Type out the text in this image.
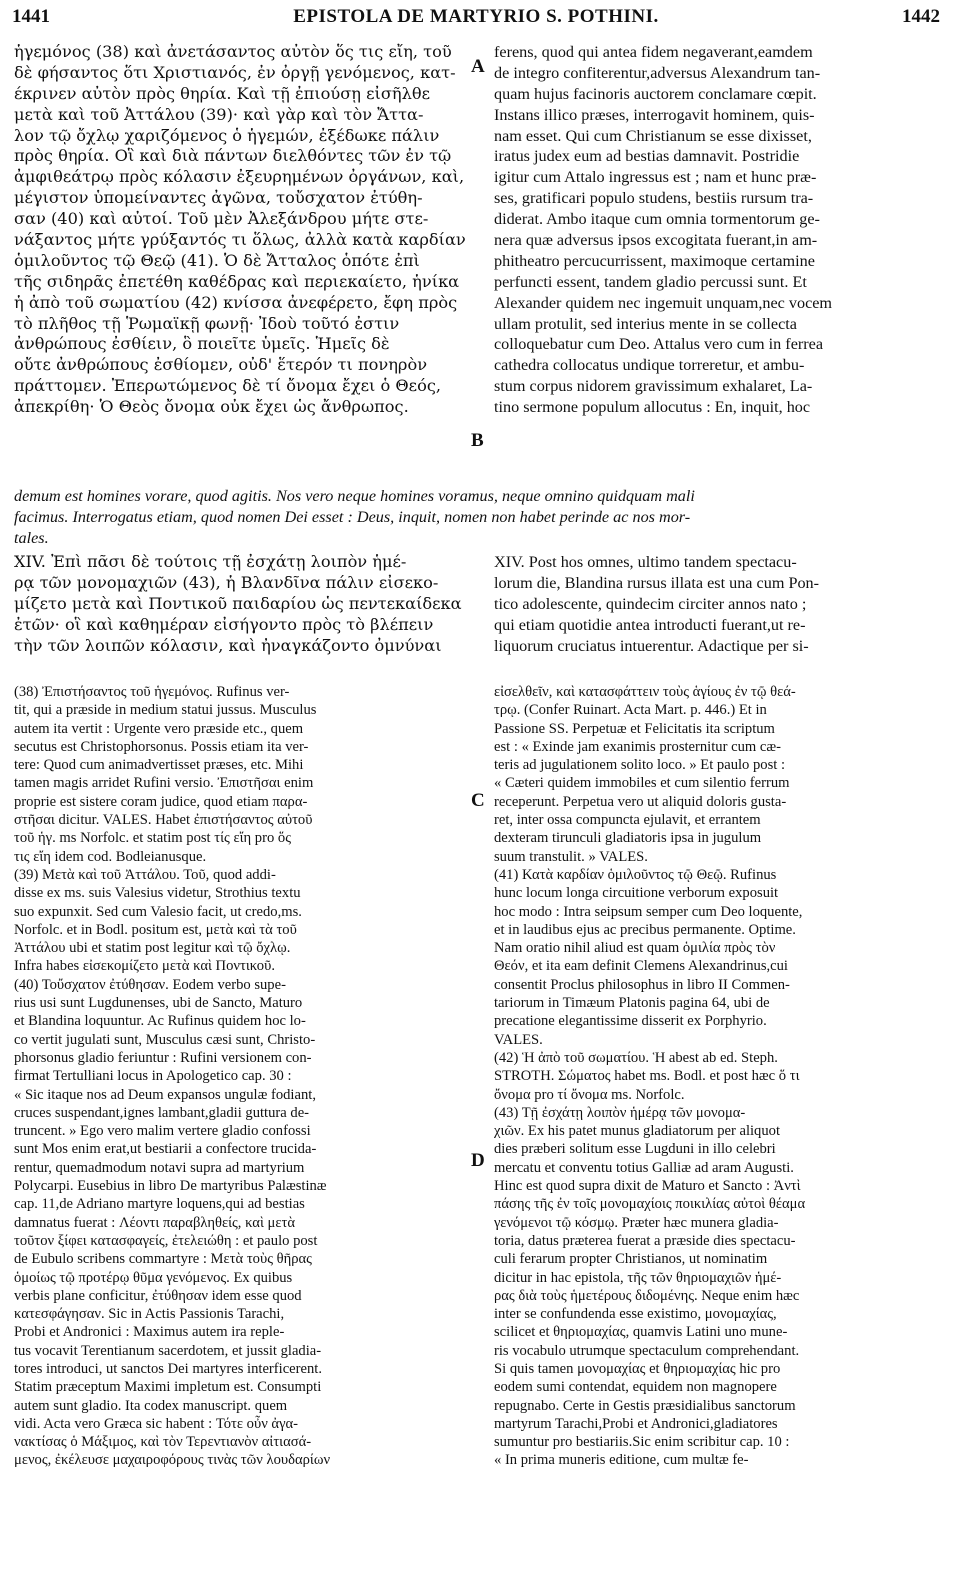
1441	EPISTOLA DE MARTYRIO S. POTHINI.	1442
ἡγεμόνος (38) καὶ ἀνετάσαντος αὐτὸν ὅς τις εἴη, τοῦ
δὲ φήσαντος ὅτι Χριστιανός, ἐν ὀργῇ γενόμενος, κατ-
έκρινεν αὐτὸν πρὸς θηρία. Καὶ τῇ ἐπιούσῃ εἰσῆλθε
μετὰ καὶ τοῦ Ἀττάλου (39)· καὶ γὰρ καὶ τὸν Ἄττα-
λον τῷ ὄχλῳ χαριζόμενος ὁ ἡγεμών, ἐξέδωκε πάλιν
πρὸς θηρία. Οἳ καὶ διὰ πάντων διελθόντες τῶν ἐν τῷ
ἀμφιθεάτρῳ πρὸς κόλασιν ἐξευρημένων ὀργάνων, καὶ,
μέγιστον ὑπομείναντες ἀγῶνα, τοὔσχατον ἐτύθη-
σαν (40) καὶ αὐτοί. Τοῦ μὲν Ἀλεξάνδρου μήτε στε-
νάξαντος μήτε γρύξαντός τι ὅλως, ἀλλὰ κατὰ καρδίαν
ὁμιλοῦντος τῷ Θεῷ (41). Ὁ δὲ Ἄτταλος ὁπότε ἐπὶ
τῆς σιδηρᾶς ἐπετέθη καθέδρας καὶ περιεκαίετο, ἡνίκα
ἡ ἀπὸ τοῦ σωματίου (42) κνίσσα ἀνεφέρετο, ἔφη πρὸς
τὸ πλῆθος τῇ Ῥωμαϊκῇ φωνῇ· Ἰδοὺ τοῦτό ἐστιν
ἀνθρώπους ἐσθίειν, ὃ ποιεῖτε ὑμεῖς. Ἡμεῖς δὲ
οὔτε ἀνθρώπους ἐσθίομεν, οὐδ' ἕτερόν τι πονηρὸν
πράττομεν. Ἐπερωτώμενος δὲ τί ὄνομα ἔχει ὁ Θεός,
ἀπεκρίθη· Ὁ Θεὸς ὄνομα οὐκ ἔχει ὡς ἄνθρωπος.
ferens, quod qui antea fidem negaverant,eamdem
de integro confiterentur,adversus Alexandrum tan-
quam hujus facinoris auctorem conclamare cœpit.
Instans illico præses, interrogavit hominem, quis-
nam esset. Qui cum Christianum se esse dixisset,
iratus judex eum ad bestias damnavit. Postridie
igitur cum Attalo ingressus est ; nam et hunc præ-
ses, gratificari populo studens, bestiis rursum tra-
diderat. Ambo itaque cum omnia tormentorum ge-
nera quæ adversus ipsos excogitata fuerant,in am-
phitheatro percucurrissent, maximoque certamine
perfuncti essent, tandem gladio percussi sunt. Et
Alexander quidem nec ingemuit unquam,nec vocem
ullam protulit, sed interius mente in se collecta
colloquebatur cum Deo. Attalus vero cum in ferrea
cathedra collocatus undique torreretur, et ambu-
stum corpus nidorem gravissimum exhalaret, La-
tino sermone populum allocutus : En, inquit, hoc
A
B
demum est homines vorare, quod agitis. Nos vero neque homines voramus, neque omnino quidquam mali
facimus. Interrogatus etiam, quod nomen Dei esset : Deus, inquit, nomen non habet perinde ac nos mor-
tales.
XIV. Ἐπὶ πᾶσι δὲ τούτοις τῇ ἐσχάτῃ λοιπὸν ἡμέ-
ρᾳ τῶν μονομαχιῶν (43), ἡ Βλανδῖνα πάλιν εἰσεκο-
μίζετο μετὰ καὶ Ποντικοῦ παιδαρίου ὡς πεντεκαίδεκα
ἐτῶν· οἳ καὶ καθημέραν εἰσήγοντο πρὸς τὸ βλέπειν
τὴν τῶν λοιπῶν κόλασιν, καὶ ἠναγκάζοντο ὀμνύναι
XIV. Post hos omnes, ultimo tandem spectacu-
lorum die, Blandina rursus illata est una cum Pon-
tico adolescente, quindecim circiter annos nato ;
qui etiam quotidie antea introducti fuerant,ut re-
liquorum cruciatus intuerentur. Adactique per si-
(38) Ἐπιστήσαντος τοῦ ἡγεμόνος. Rufinus ver-
tit, qui a præside in medium statui jussus. Musculus
autem ita vertit : Urgente vero præside etc., quem
secutus est Christophorsonus. Possis etiam ita ver-
tere: Quod cum animadvertisset præses, etc. Mihi
tamen magis arridet Rufini versio. Ἐπιστῆσαι enim
proprie est sistere coram judice, quod etiam παρα-
στῆσαι dicitur. VALES. Habet ἐπιστήσαντος αὐτοῦ
τοῦ ἡγ. ms Norfolc. et statim post τίς εἴη pro ὅς
τις εἴη idem cod. Bodleianusque.
(39) Μετὰ καὶ τοῦ Ἀττάλου. Τοῦ, quod addi-
disse ex ms. suis Valesius videtur, Strothius textu
suo expunxit. Sed cum Valesio facit, ut credo,ms.
Norfolc. et in Bodl. positum est, μετὰ καὶ τὰ τοῦ
Ἀττάλου ubi et statim post legitur καὶ τῷ ὄχλῳ.
Infra habes εἰσεκομίζετο μετὰ καὶ Ποντικοῦ.
(40) Τοὔσχατον ἐτύθησαν. Eodem verbo supe-
rius usi sunt Lugdunenses, ubi de Sancto, Maturo
et Blandina loquuntur. Ac Rufinus quidem hoc lo-
co vertit jugulati sunt, Musculus cæsi sunt, Christo-
phorsonus gladio feriuntur : Rufini versionem con-
firmat Tertulliani locus in Apologetico cap. 30 :
« Sic itaque nos ad Deum expansos ungulæ fodiant,
cruces suspendant,ignes lambant,gladii guttura de-
truncent. » Ego vero malim vertere gladio confossi
sunt Mos enim erat,ut bestiarii a confectore trucida-
rentur, quemadmodum notavi supra ad martyrium
Polycarpi. Eusebius in libro De martyribus Palæstinæ
cap. 11,de Adriano martyre loquens,qui ad bestias
damnatus fuerat : Λέοντι παραβληθείς, καὶ μετὰ
τοῦτον ξίφει κατασφαγείς, ἐτελειώθη : et paulo post
de Eubulo scribens commartyre : Μετὰ τοὺς θῆρας
ὁμοίως τῷ προτέρῳ θῦμα γενόμενος. Ex quibus
verbis plane conficitur, ἐτύθησαν idem esse quod
κατεσφάγησαν. Sic in Actis Passionis Tarachi,
Probi et Andronici : Maximus autem ira reple-
tus vocavit Terentianum sacerdotem, et jussit gladia-
tores introduci, ut sanctos Dei martyres interficerent.
Statim præceptum Maximi impletum est. Consumpti
autem sunt gladio. Ita codex manuscript. quem
vidi. Acta vero Græca sic habent : Τότε οὖν ἀγα-
νακτίσας ὁ Μάξιμος, καὶ τὸν Τερεντιανὸν αἰτιασά-
μενος, ἐκέλευσε μαχαιροφόρους τινὰς τῶν λουδαρίων
εἰσελθεῖν, καὶ κατασφάττειν τοὺς ἁγίους ἐν τῷ θεά-
τρῳ. (Confer Ruinart. Acta Mart. p. 446.) Et in
Passione SS. Perpetuæ et Felicitatis ita scriptum
est : « Exinde jam exanimis prosternitur cum cæ-
teris ad jugulationem solito loco. » Et paulo post :
« Cæteri quidem immobiles et cum silentio ferrum
receperunt. Perpetua vero ut aliquid doloris gusta-
ret, inter ossa compuncta ejulavit, et errantem
dexteram tirunculi gladiatoris ipsa in jugulum
suum transtulit. » VALES.
(41) Κατὰ καρδίαν ὁμιλοῦντος τῷ Θεῷ. Rufinus
hunc locum longa circuitione verborum exposuit
hoc modo : Intra seipsum semper cum Deo loquente,
et in laudibus ejus ac precibus permanente. Optime.
Nam oratio nihil aliud est quam ὁμιλία πρὸς τὸν
Θεόν, et ita eam definit Clemens Alexandrinus,cui
consentit Proclus philosophus in libro II Commen-
tariorum in Timæum Platonis pagina 64, ubi de
precatione elegantissime disserit ex Porphyrio.
VALES.
(42) Ἡ ἀπὸ τοῦ σωματίου. Ἡ abest ab ed. Steph.
STROTH. Σώματος habet ms. Bodl. et post hæc ὅ τι
ὄνομα pro τί ὄνομα ms. Norfolc.
(43) Τῇ ἐσχάτῃ λοιπὸν ἡμέρᾳ τῶν μονομα-
χιῶν. Ex his patet munus gladiatorum per aliquot
dies præberi solitum esse Lugduni in illo celebri
mercatu et conventu totius Galliæ ad aram Augusti.
Hinc est quod supra dixit de Maturo et Sancto : Ἀντὶ
πάσης τῆς ἐν τοῖς μονομαχίοις ποικιλίας αὐτοὶ θέαμα
γενόμενοι τῷ κόσμῳ. Præter hæc munera gladia-
toria, datus præterea fuerat a præside dies spectacu-
culi ferarum propter Christianos, ut nominatim
dicitur in hac epistola, τῆς τῶν θηριομαχιῶν ἡμέ-
ρας διὰ τοὺς ἡμετέρους διδομένης. Neque enim hæc
inter se confundenda esse existimo, μονομαχίας,
scilicet et θηριομαχίας, quamvis Latini uno mune-
ris vocabulo utrumque spectaculum comprehendant.
Si quis tamen μονομαχίας et θηριομαχίας hic pro
eodem sumi contendat, equidem non magnopere
repugnabo. Certe in Gestis præsidialibus sanctorum
martyrum Tarachi,Probi et Andronici,gladiatores
sumuntur pro bestiariis.Sic enim scribitur cap. 10 :
« In prima muneris editione, cum multæ fe-
C
D
